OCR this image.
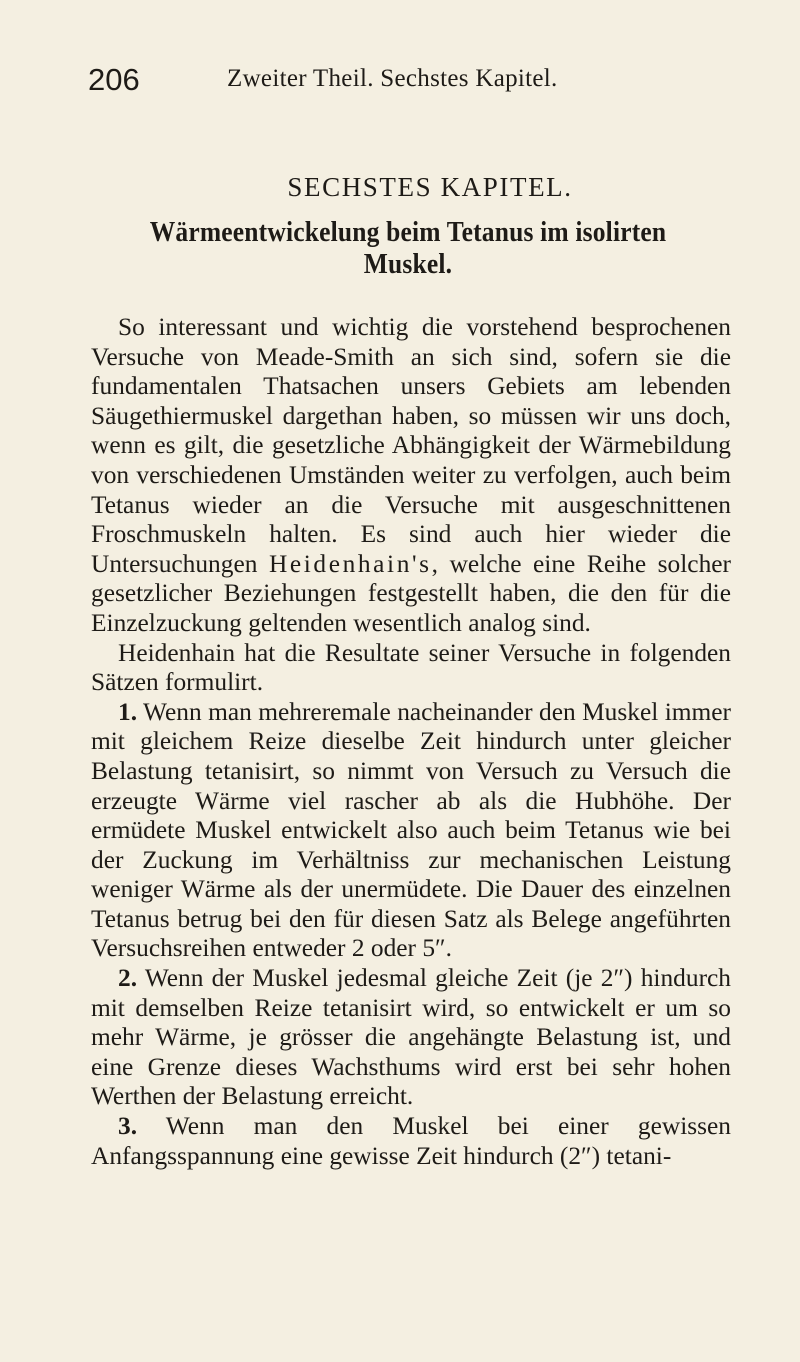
206	Zweiter Theil. Sechstes Kapitel.
SECHSTES KAPITEL.
Wärmeentwickelung beim Tetanus im isolirten Muskel.

So interessant und wichtig die vorstehend besprochenen Versuche von Meade-Smith an sich sind, sofern sie die fundamentalen Thatsachen unsers Gebiets am lebenden Säugethiermuskel dargethan haben, so müssen wir uns doch, wenn es gilt, die gesetzliche Abhängigkeit der Wärmebildung von verschiedenen Umständen weiter zu verfolgen, auch beim Tetanus wieder an die Versuche mit ausgeschnittenen Froschmuskeln halten. Es sind auch hier wieder die Untersuchungen Heidenhain's, welche eine Reihe solcher gesetzlicher Beziehungen festgestellt haben, die den für die Einzelzuckung geltenden wesentlich analog sind.

Heidenhain hat die Resultate seiner Versuche in folgenden Sätzen formulirt.

1. Wenn man mehreremale nacheinander den Muskel immer mit gleichem Reize dieselbe Zeit hindurch unter gleicher Belastung tetanisirt, so nimmt von Versuch zu Versuch die erzeugte Wärme viel rascher ab als die Hubhöhe. Der ermüdete Muskel entwickelt also auch beim Tetanus wie bei der Zuckung im Verhältniss zur mechanischen Leistung weniger Wärme als der unermüdete. Die Dauer des einzelnen Tetanus betrug bei den für diesen Satz als Belege angeführten Versuchsreihen entweder 2 oder 5″.

2. Wenn der Muskel jedesmal gleiche Zeit (je 2″) hindurch mit demselben Reize tetanisirt wird, so entwickelt er um so mehr Wärme, je grösser die angehängte Belastung ist, und eine Grenze dieses Wachsthums wird erst bei sehr hohen Werthen der Belastung erreicht.

3. Wenn man den Muskel bei einer gewissen Anfangsspannung eine gewisse Zeit hindurch (2″) tetani-
